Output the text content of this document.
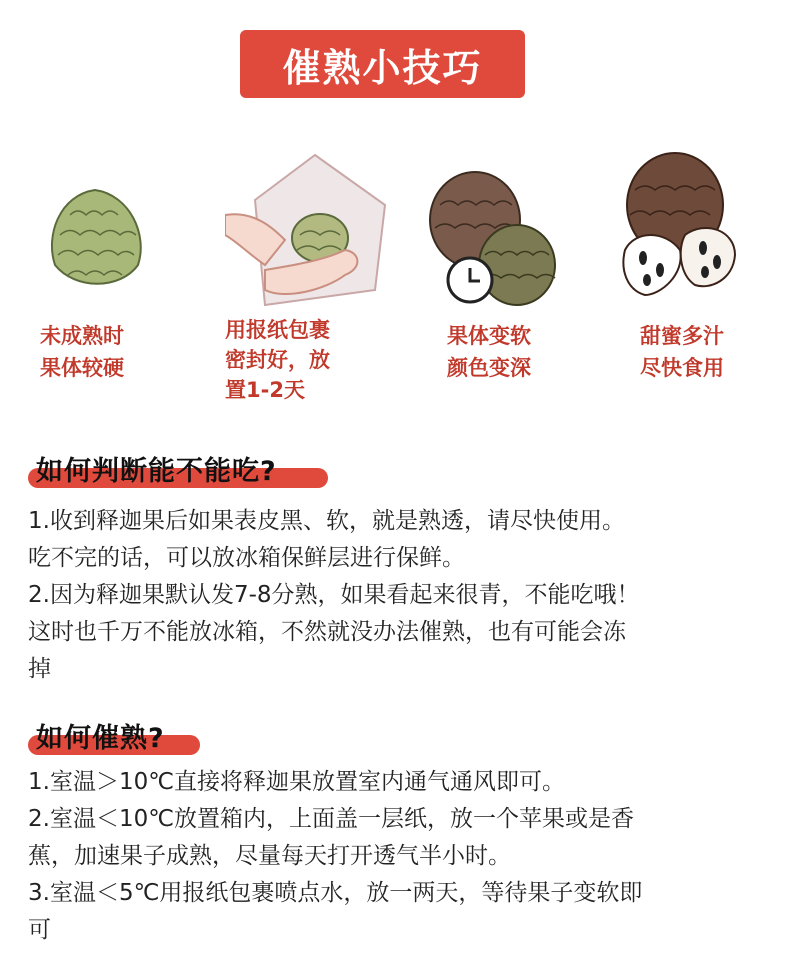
催熟小技巧
未成熟时
果体较硬
用报纸包裹
密封好，放
置1-2天
果体变软
颜色变深
甜蜜多汁
尽快食用
如何判断能不能吃?
1.收到释迦果后如果表皮黑、软，就是熟透，请尽快使用。
吃不完的话，可以放冰箱保鲜层进行保鲜。
2.因为释迦果默认发7-8分熟，如果看起来很青，不能吃哦！
这时也千万不能放冰箱，不然就没办法催熟，也有可能会冻
掉
如何催熟?
1.室温＞10℃直接将释迦果放置室内通气通风即可。
2.室温＜10℃放置箱内，上面盖一层纸，放一个苹果或是香
蕉，加速果子成熟，尽量每天打开透气半小时。
3.室温＜5℃用报纸包裹喷点水，放一两天，等待果子变软即
可
